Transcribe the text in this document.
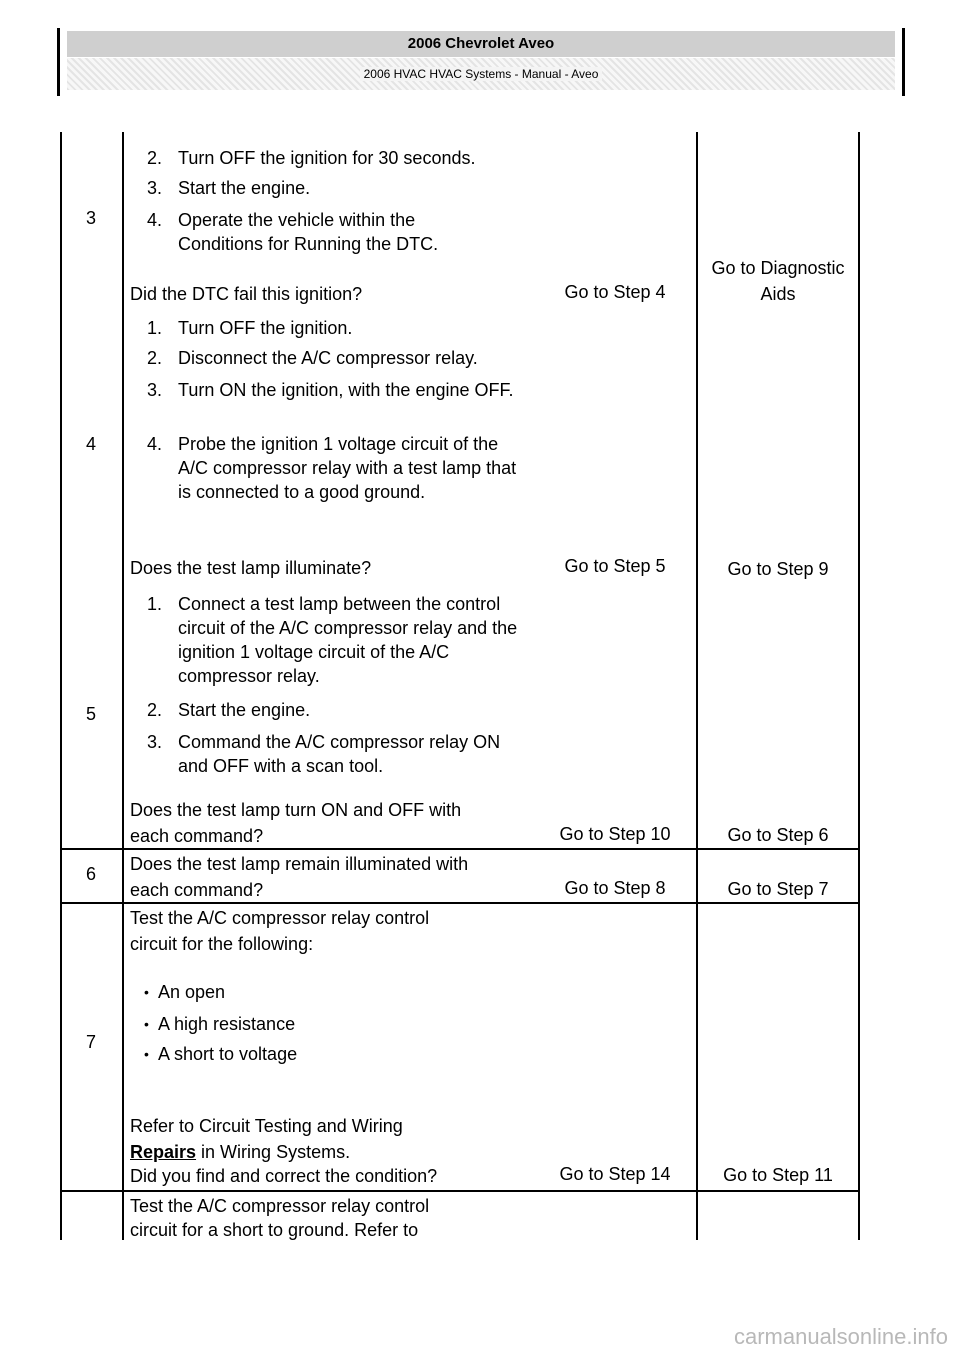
2006 Chevrolet Aveo
2006 HVAC HVAC Systems - Manual - Aveo
3
2. Turn OFF the ignition for 30 seconds.
3. Start the engine.
4. Operate the vehicle within the Conditions for Running the DTC.
Did the DTC fail this ignition?	Go to Step 4
Go to Diagnostic Aids
4
1. Turn OFF the ignition.
2. Disconnect the A/C compressor relay.
3. Turn ON the ignition, with the engine OFF.
4. Probe the ignition 1 voltage circuit of the A/C compressor relay with a test lamp that is connected to a good ground.
Does the test lamp illuminate?	Go to Step 5	Go to Step 9
5
1. Connect a test lamp between the control circuit of the A/C compressor relay and the ignition 1 voltage circuit of the A/C compressor relay.
2. Start the engine.
3. Command the A/C compressor relay ON and OFF with a scan tool.
Does the test lamp turn ON and OFF with
each command?	Go to Step 10	Go to Step 6
6	Does the test lamp remain illuminated with
each command?	Go to Step 8	Go to Step 7
7
Test the A/C compressor relay control
circuit for the following:
• An open
• A high resistance
• A short to voltage
Refer to Circuit Testing and Wiring
Repairs in Wiring Systems.
Did you find and correct the condition?	Go to Step 14	Go to Step 11
Test the A/C compressor relay control
circuit for a short to ground. Refer to
carmanualsonline.info
